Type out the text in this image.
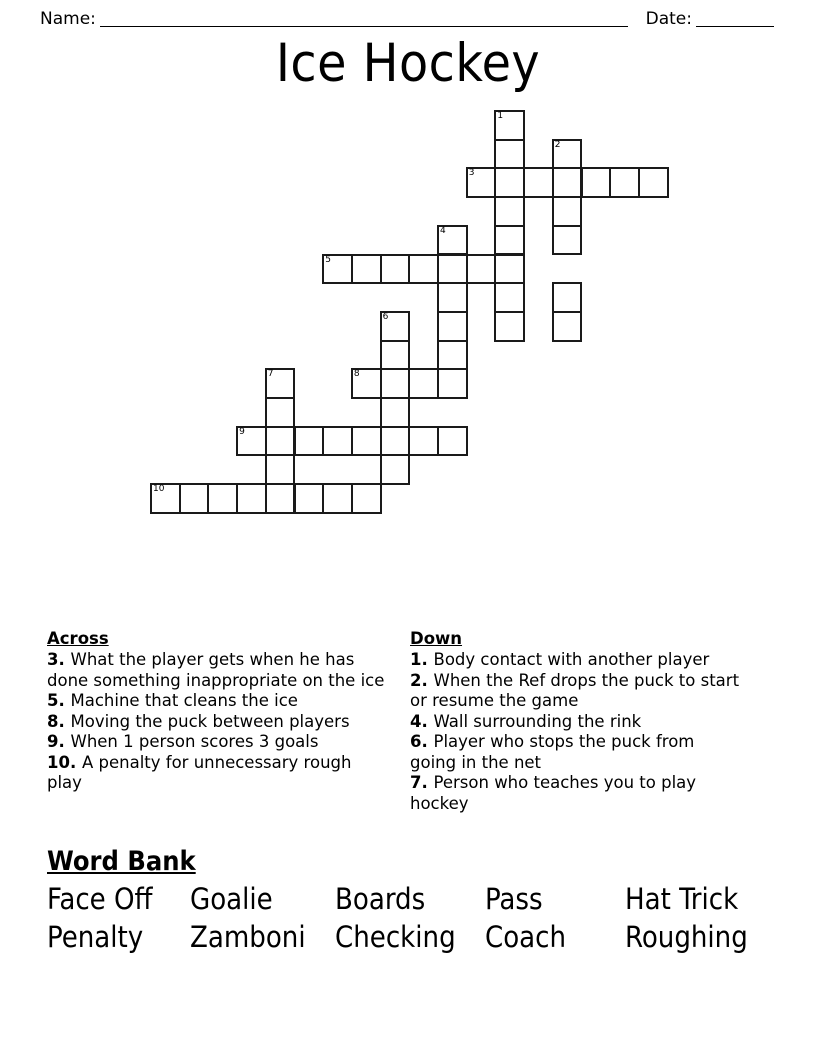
Name:	Date:
Ice Hockey
1
2
3
4
5
6
7	8
9
10
Across
3. What the player gets when he has done something inappropriate on the ice
5. Machine that cleans the ice
8. Moving the puck between players
9. When 1 person scores 3 goals
10. A penalty for unnecessary rough play
Down
1. Body contact with another player
2. When the Ref drops the puck to start or resume the game
4. Wall surrounding the rink
6. Player who stops the puck from going in the net
7. Person who teaches you to play hockey
Word Bank
Face Off	Goalie	Boards	Pass	Hat Trick
Penalty	Zamboni	Checking	Coach	Roughing
